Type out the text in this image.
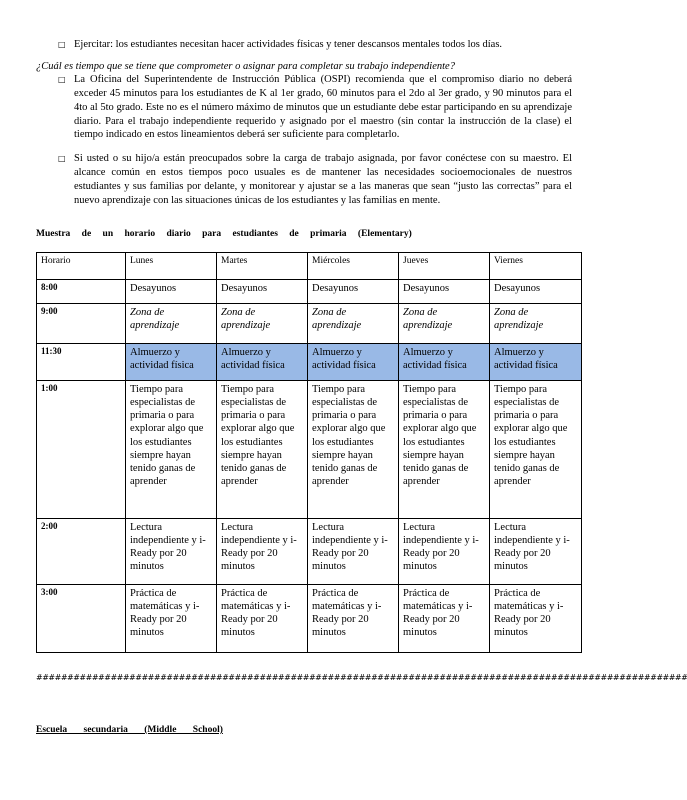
□ Ejercitar: los estudiantes necesitan hacer actividades físicas y tener descansos mentales todos los días.
¿Cuál es tiempo que se tiene que comprometer o asignar para completar su trabajo independiente?
□ La Oficina del Superintendente de Instrucción Pública (OSPI) recomienda que el compromiso diario no deberá exceder 45 minutos para los estudiantes de K al 1er grado, 60 minutos para el 2do al 3er grado, y 90 minutos para el 4to al 5to grado. Este no es el número máximo de minutos que un estudiante debe estar participando en su aprendizaje diario. Para el trabajo independiente requerido y asignado por el maestro (sin contar la instrucción de la clase) el tiempo indicado en estos lineamientos deberá ser suficiente para completarlo.
□ Si usted o su hijo/a están preocupados sobre la carga de trabajo asignada, por favor conéctese con su maestro. El alcance común en estos tiempos poco usuales es de mantener las necesidades socioemocionales de nuestros estudiantes y sus familias por delante, y monitorear y ajustar se a las maneras que sean “justo las correctas” para el nuevo aprendizaje con las situaciones únicas de los estudiantes y las familias en mente.
Muestra de un horario diario para estudiantes de primaria (Elementary)
Horario	Lunes	Martes	Miércoles	Jueves	Viernes
8:00	Desayunos	Desayunos	Desayunos	Desayunos	Desayunos
9:00	Zona de aprendizaje	Zona de aprendizaje	Zona de aprendizaje	Zona de aprendizaje	Zona de aprendizaje
11:30	Almuerzo y actividad física	Almuerzo y actividad física	Almuerzo y actividad física	Almuerzo y actividad física	Almuerzo y actividad física
1:00	Tiempo para especialistas de primaria o para explorar algo que los estudiantes siempre hayan tenido ganas de aprender	Tiempo para especialistas de primaria o para explorar algo que los estudiantes siempre hayan tenido ganas de aprender	Tiempo para especialistas de primaria o para explorar algo que los estudiantes siempre hayan tenido ganas de aprender	Tiempo para especialistas de primaria o para explorar algo que los estudiantes siempre hayan tenido ganas de aprender	Tiempo para especialistas de primaria o para explorar algo que los estudiantes siempre hayan tenido ganas de aprender
2:00	Lectura independiente y i-Ready por 20 minutos	Lectura independiente y i-Ready por 20 minutos	Lectura independiente y i-Ready por 20 minutos	Lectura independiente y i-Ready por 20 minutos	Lectura independiente y i-Ready por 20 minutos
3:00	Práctica de matemáticas y i-Ready por 20 minutos	Práctica de matemáticas y i-Ready por 20 minutos	Práctica de matemáticas y i-Ready por 20 minutos	Práctica de matemáticas y i-Ready por 20 minutos	Práctica de matemáticas y i-Ready por 20 minutos
#########################################################################################################
Escuela secundaria (Middle School)
